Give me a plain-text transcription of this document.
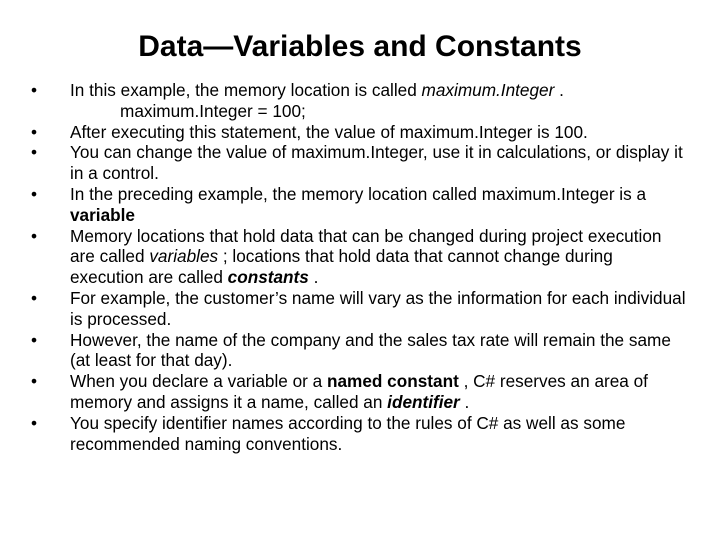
Data—Variables and Constants
• In this example, the memory location is called maximum.Integer .
maximum.Integer = 100;
• After executing this statement, the value of maximum.Integer is 100.
• You can change the value of maximum.Integer, use it in calculations, or display it in a control.
• In the preceding example, the memory location called maximum.Integer is a variable
• Memory locations that hold data that can be changed during project execution are called variables ; locations that hold data that cannot change during execution are called constants .
• For example, the customer’s name will vary as the information for each individual is processed.
• However, the name of the company and the sales tax rate will remain the same (at least for that day).
• When you declare a variable or a named constant , C# reserves an area of memory and assigns it a name, called an identifier .
• You specify identifier names according to the rules of C# as well as some recommended naming conventions.
